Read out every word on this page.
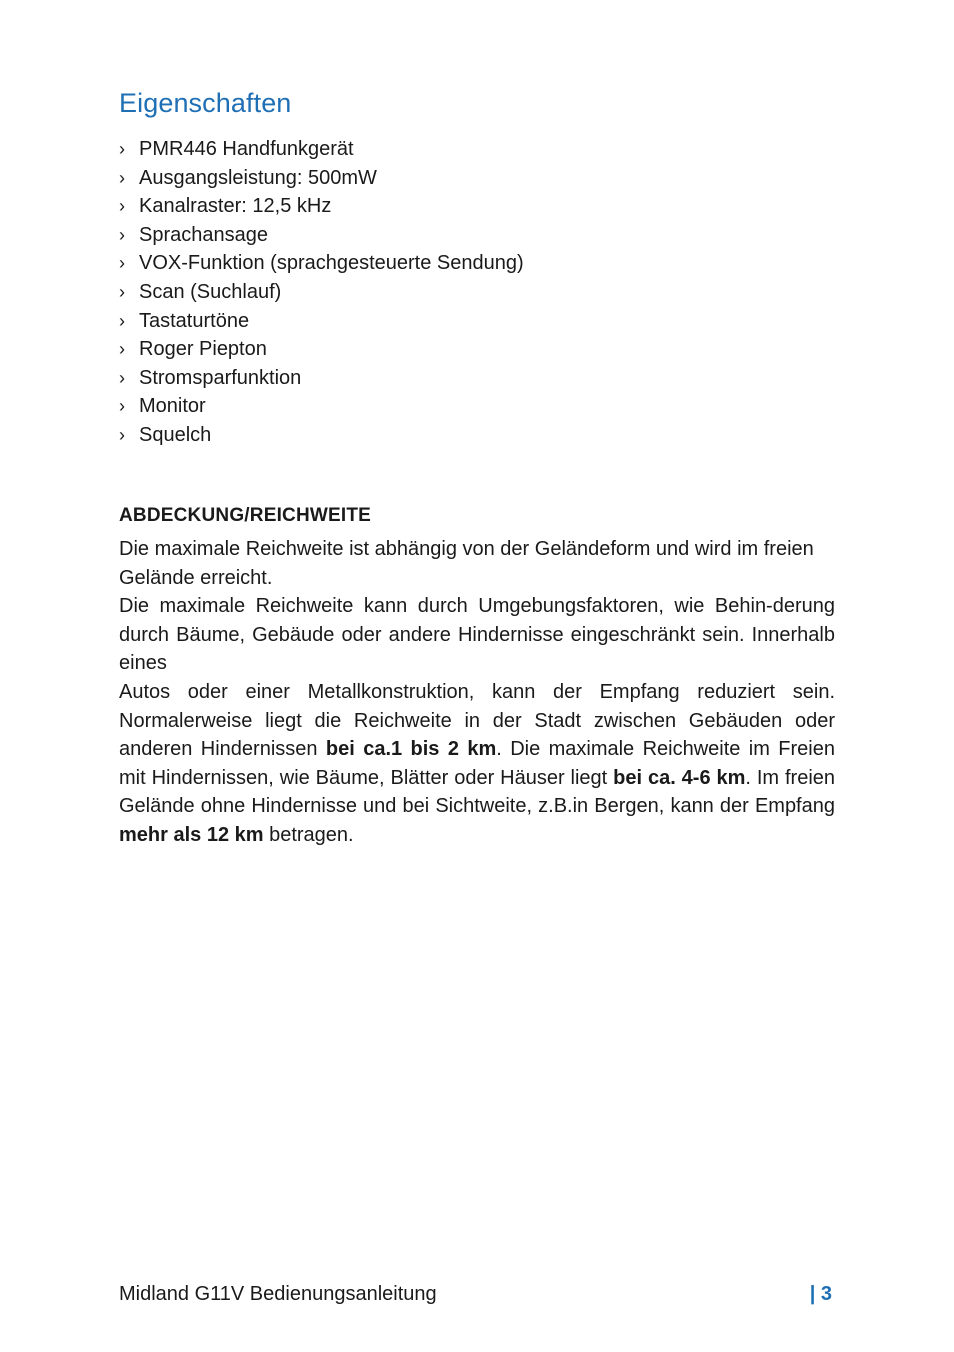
Eigenschaften
› PMR446 Handfunkgerät
› Ausgangsleistung: 500mW
› Kanalraster: 12,5 kHz
› Sprachansage
› VOX-Funktion (sprachgesteuerte Sendung)
› Scan (Suchlauf)
› Tastaturtöne
› Roger Piepton
› Stromsparfunktion
› Monitor
› Squelch
ABDECKUNG/REICHWEITE

Die maximale Reichweite ist abhängig von der Geländeform und wird im freien Gelände erreicht.

Die maximale Reichweite kann durch Umgebungsfaktoren, wie Behin-derung durch Bäume, Gebäude oder andere Hindernisse eingeschränkt sein. Innerhalb eines

Autos oder einer Metallkonstruktion, kann der Empfang reduziert sein. Normalerweise liegt die Reichweite in der Stadt zwischen Gebäuden oder anderen Hindernissen bei ca.1 bis 2 km. Die maximale Reichweite im Freien mit Hindernissen, wie Bäume, Blätter oder Häuser liegt bei ca. 4-6 km. Im freien Gelände ohne Hindernisse und bei Sichtweite, z.B.in Bergen, kann der Empfang mehr als 12 km betragen.

Midland G11V Bedienungsanleitung	| 3
